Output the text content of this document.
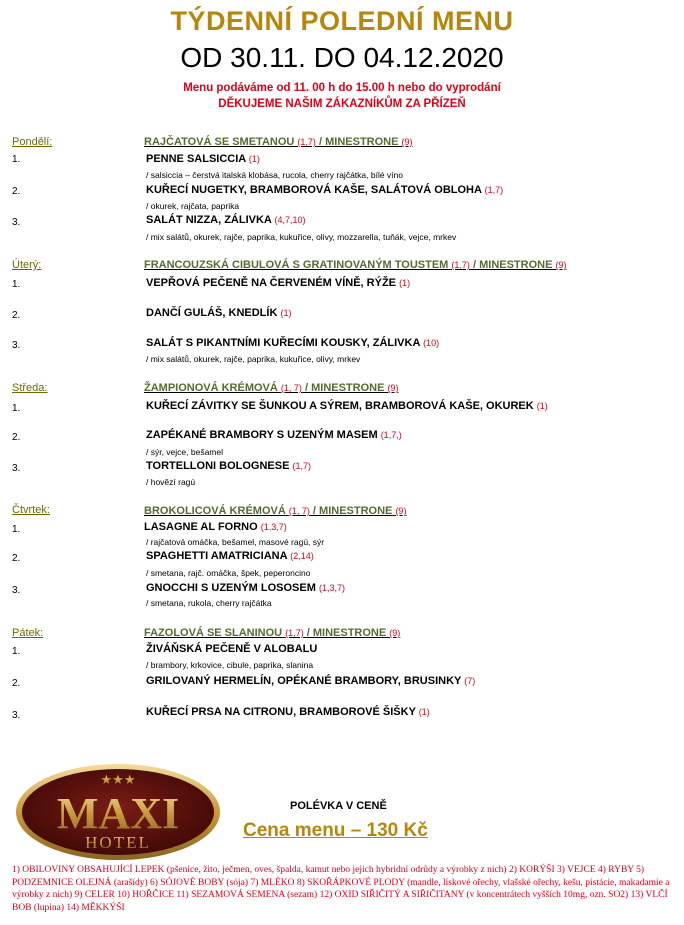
TÝDENNÍ POLEDNÍ MENU
OD 30.11. DO 04.12.2020
Menu podáváme od 11. 00 h do 15.00 h nebo do vyprodání
DĚKUJEME NAŠIM ZÁKAZNÍKŮM ZA PŘÍZEŇ
Pondělí:	RAJČATOVÁ SE SMETANOU (1,7) / MINESTRONE (9)
1.	PENNE SALSICCIA (1)
/ salsiccia – čerstvá italská klobása, rucola, cherry rajčátka, bílé víno
2.	KUŘECÍ NUGETKY, BRAMBOROVÁ KAŠE, SALÁTOVÁ OBLOHA (1,7)
/ okurek, rajčata, paprika
3.	SALÁT NIZZA, ZÁLIVKA (4,7,10)
/ mix salátů, okurek, rajče, paprika, kukuřice, olivy, mozzarella, tuňák, vejce, mrkev
Úterý:	FRANCOUZSKÁ CIBULOVÁ S GRATINOVANÝM TOUSTEM (1,7) / MINESTRONE (9)
1.	VEPŘOVÁ PEČENĚ NA ČERVENÉM VÍNĚ, RÝŽE (1)
2.	DANČÍ GULÁŠ, KNEDLÍK (1)
3.	SALÁT S PIKANTNÍMI KUŘECÍMI KOUSKY, ZÁLIVKA (10)
/ mix salátů, okurek, rajče, paprika, kukuřice, olivy, mrkev
Středa:	ŽAMPIONOVÁ KRÉMOVÁ (1, 7) / MINESTRONE (9)
1.	KUŘECÍ ZÁVITKY SE ŠUNKOU A SÝREM, BRAMBOROVÁ KAŠE, OKUREK (1)
2.	ZAPÉKANÉ BRAMBORY S UZENÝM MASEM (1,7,)
/ sýr, vejce, bešamel
3.	TORTELLONI BOLOGNESE (1,7)
/ hovězí ragú
Čtvrtek:	BROKOLICOVÁ KRÉMOVÁ (1, 7) / MINESTRONE (9)
1.	LASAGNE AL FORNO (1,3,7)
/ rajčatová omáčka, bešamel, masové ragú, sýr
2.	SPAGHETTI AMATRICIANA (2,14)
/ smetana, rajč. omáčka, špek, peperoncino
3.	GNOCCHI S UZENÝM LOSOSEM (1,3,7)
/ smetana, rukola, cherry rajčátka
Pátek:	FAZOLOVÁ SE SLANINOU (1,7) / MINESTRONE (9)
1.	ŽIVÁŇSKÁ PEČENĚ V ALOBALU
/ brambory, krkovice, cibule, paprika, slanina
2.	GRILOVANÝ HERMELÍN, OPÉKANÉ BRAMBORY, BRUSINKY (7)
3.	KUŘECÍ PRSA NA CITRONU, BRAMBOROVÉ ŠIŠKY (1)
★★★
MAXI
HOTEL
POLÉVKA V CENĚ
Cena menu – 130 Kč
1) OBILOVINY OBSAHUJÍCÍ LEPEK (pšenice, žito, ječmen, oves, špalda, kamut nebo jejich hybridní odrůdy a výrobky z nich) 2) KORÝŠI 3) VEJCE 4) RYBY 5) PODZEMNICE OLEJNÁ (arašídy) 6) SÓJOVÉ BOBY (sója) 7) MLÉKO 8) SKOŘÁPKOVÉ PLODY (mandle, lískové ořechy, vlašské ořechy, kešu, pistácie, makadamie a výrobky z nich) 9) CELER 10) HOŘČICE 11) SEZAMOVÁ SEMENA (sezam) 12) OXID SIŘIČITÝ A SIŘIČITANY (v koncentrátech vyšších 10mg, ozn. SO2) 13) VLČÍ BOB (lupina) 14) MĚKKÝŠI
